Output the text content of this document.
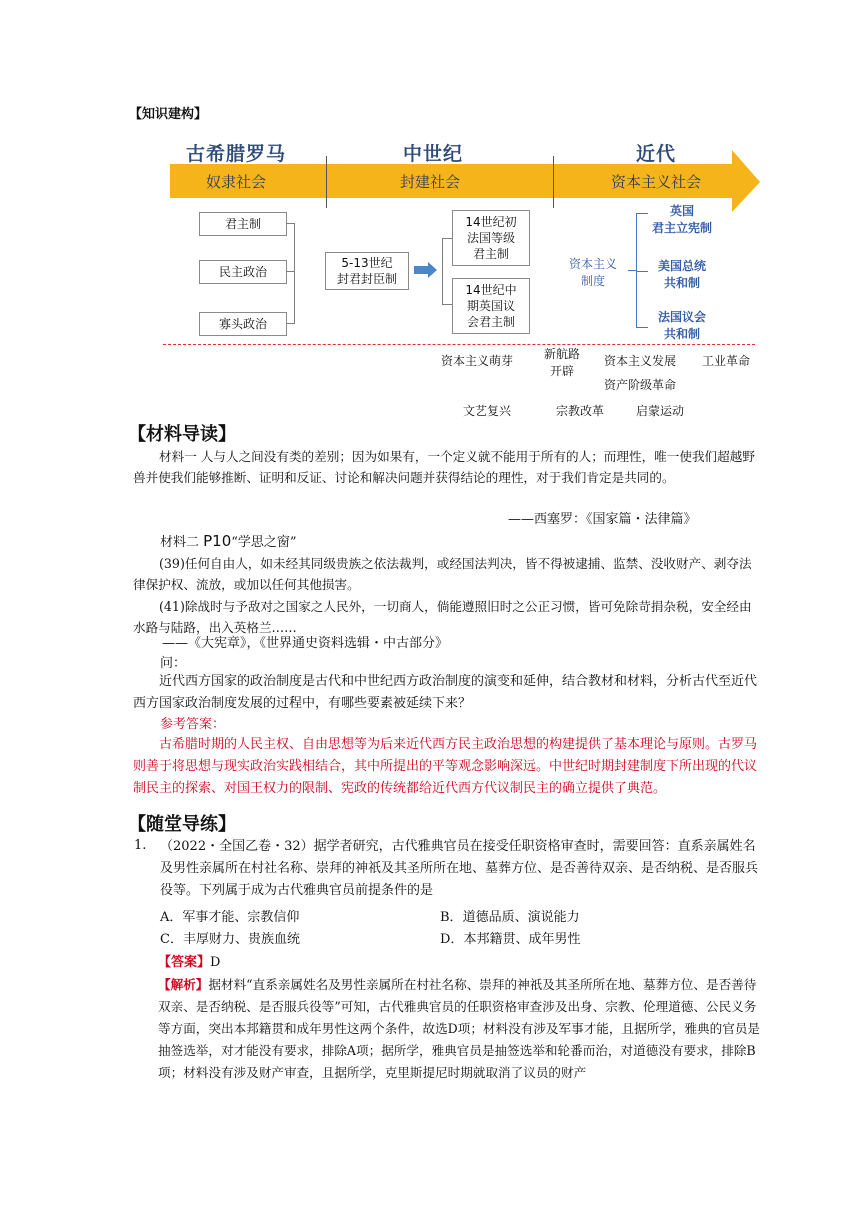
【知识建构】
古希腊罗马	中世纪	近代
奴隶社会	封建社会	资本主义社会
君主制
民主政治
寡头政治
5-13世纪
封君封臣制
14世纪初
法国等级
君主制
14世纪中
期英国议
会君主制
资本主义
制度
英国
君主立宪制
美国总统
共和制
法国议会
共和制
资本主义萌芽	新航路
开辟
资本主义发展 工业革命
资产阶级革命
文艺复兴	宗教改革	启蒙运动
【材料导读】
材料一 人与人之间没有类的差别；因为如果有，一个定义就不能用于所有的人；而理性，唯一使我们超越野兽并使我们能够推断、证明和反证、讨论和解决问题并获得结论的理性，对于我们肯定是共同的。
——西塞罗：《国家篇・法律篇》
材料二 P10“学思之窗”
(39)任何自由人，如未经其同级贵族之依法裁判，或经国法判决，皆不得被逮捕、监禁、没收财产、剥夺法律保护权、流放，或加以任何其他损害。
(41)除战时与予敌对之国家之人民外，一切商人，倘能遵照旧时之公正习惯，皆可免除苛捐杂税，安全经由水路与陆路，出入英格兰……
——《大宪章》，《世界通史资料选辑・中古部分》
问：
近代西方国家的政治制度是古代和中世纪西方政治制度的演变和延伸，结合教材和材料，分析古代至近代西方国家政治制度发展的过程中，有哪些要素被延续下来？
参考答案：
古希腊时期的人民主权、自由思想等为后来近代西方民主政治思想的构建提供了基本理论与原则。古罗马则善于将思想与现实政治实践相结合，其中所提出的平等观念影响深远。中世纪时期封建制度下所出现的代议制民主的探索、对国王权力的限制、宪政的传统都给近代西方代议制民主的确立提供了典范。
【随堂导练】
1. （2022・全国乙卷・32）据学者研究，古代雅典官员在接受任职资格审查时，需要回答：直系亲属姓名及男性亲属所在村社名称、崇拜的神祇及其圣所所在地、墓葬方位、是否善待双亲、是否纳税、是否服兵役等。下列属于成为古代雅典官员前提条件的是
A．军事才能、宗教信仰	B．道德品质、演说能力
C．丰厚财力、贵族血统	D．本邦籍贯、成年男性
【答案】D
【解析】据材料“直系亲属姓名及男性亲属所在村社名称、崇拜的神祇及其圣所所在地、墓葬方位、是否善待双亲、是否纳税、是否服兵役等”可知，古代雅典官员的任职资格审查涉及出身、宗教、伦理道德、公民义务等方面，突出本邦籍贯和成年男性这两个条件，故选D项；材料没有涉及军事才能，且据所学，雅典的官员是抽签选举，对才能没有要求，排除A项；据所学，雅典官员是抽签选举和轮番而治，对道德没有要求，排除B项；材料没有涉及财产审查，且据所学，克里斯提尼时期就取消了议员的财产
